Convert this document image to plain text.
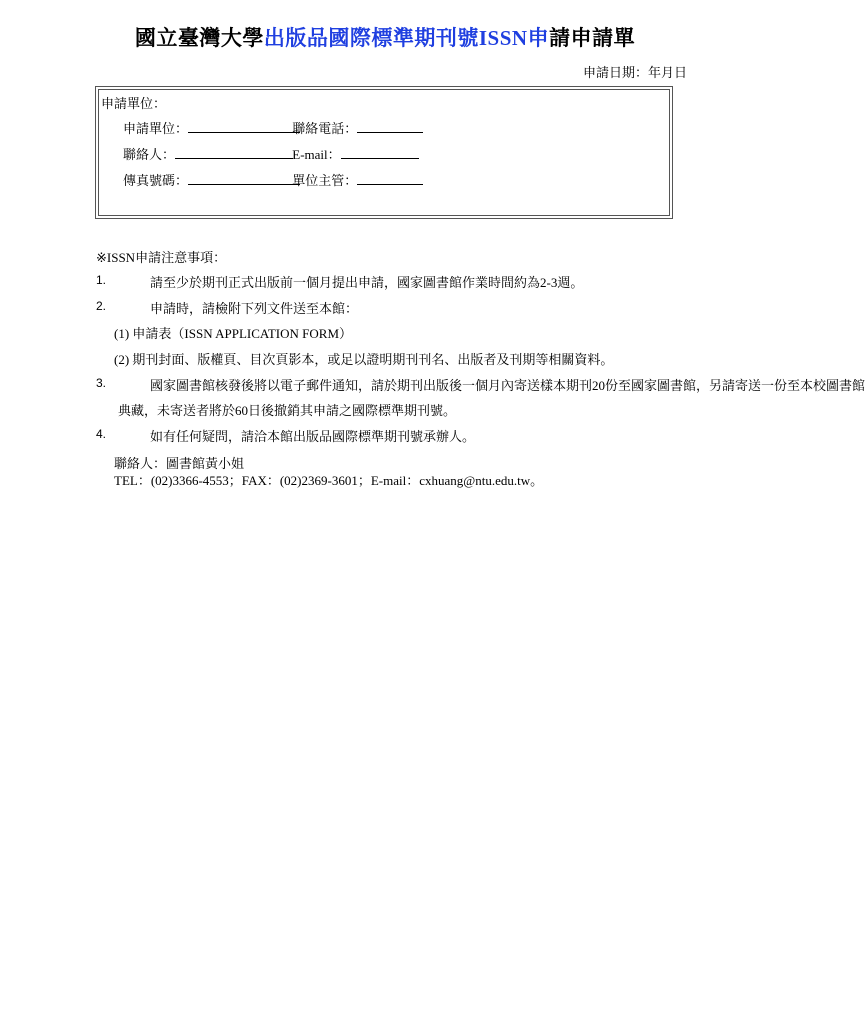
國立臺灣大學出版品國際標準期刊號ISSN申請申請單
申請日期：年月日
申請單位：
申請單位：	聯絡電話：
聯絡人：	E-mail：
傳真號碼：	單位主管：
※ISSN申請注意事項：
1.	請至少於期刊正式出版前一個月提出申請，國家圖書館作業時間約為2-3週。
2.	申請時，請檢附下列文件送至本館：
(1) 申請表（ISSN APPLICATION FORM）
(2) 期刊封面、版權頁、目次頁影本，或足以證明期刊刊名、出版者及刊期等相關資料。
3.	國家圖書館核發後將以電子郵件通知，請於期刊出版後一個月內寄送樣本期刊20份至國家圖書館，另請寄送一份至本校圖書館
典藏，未寄送者將於60日後撤銷其申請之國際標準期刊號。
4.	如有任何疑問，請洽本館出版品國際標準期刊號承辦人。
聯絡人：圖書館黃小姐
TEL：(02)3366-4553；FAX：(02)2369-3601；E-mail：cxhuang@ntu.edu.tw。
